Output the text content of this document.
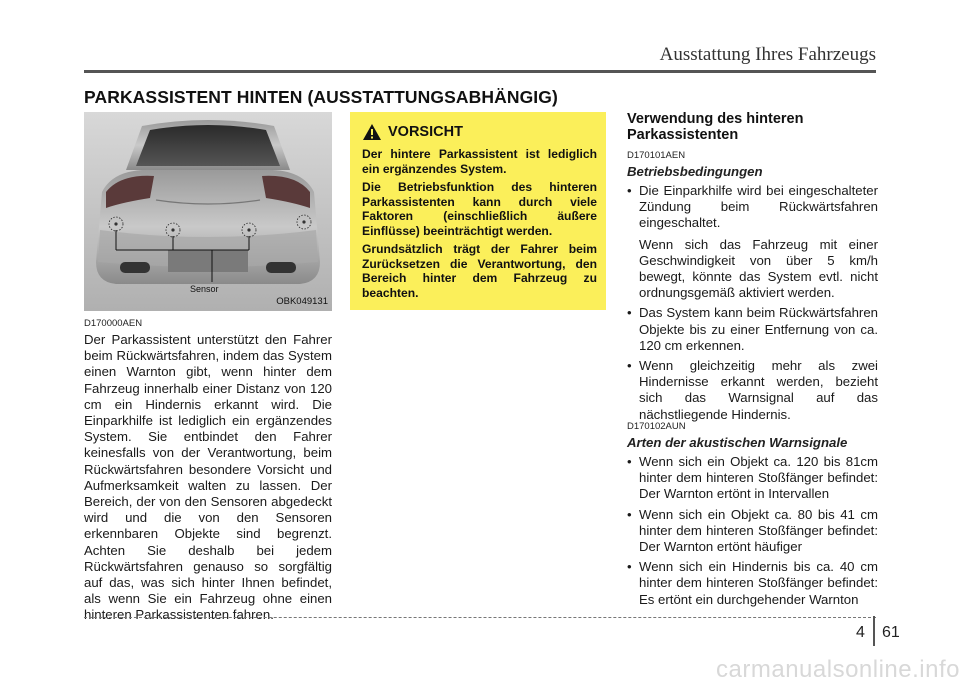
Ausstattung Ihres Fahrzeugs
PARKASSISTENT HINTEN (AUSSTATTUNGSABHÄNGIG)
Sensor
OBK049131
D170000AEN
Der Parkassistent unterstützt den Fahrer beim Rückwärtsfahren, indem das System einen Warnton gibt, wenn hinter dem Fahrzeug innerhalb einer Distanz von 120 cm ein Hindernis erkannt wird. Die Einparkhilfe ist lediglich ein ergänzendes System. Sie entbindet den Fahrer keinesfalls von der Verantwortung, beim Rückwärtsfahren besondere Vorsicht und Aufmerksamkeit walten zu lassen. Der Bereich, der von den Sensoren abgedeckt wird und die von den Sensoren erkennbaren Objekte sind begrenzt. Achten Sie deshalb bei jedem Rückwärtsfahren genauso so sorgfältig auf das, was sich hinter Ihnen befindet, als wenn Sie ein Fahrzeug ohne einen hinteren Parkassistenten fahren.
VORSICHT

Der hintere Parkassistent ist lediglich ein ergänzendes System.

Die Betriebsfunktion des hinteren Parkassistenten kann durch viele Faktoren (einschließlich äußere Einflüsse) beeinträchtigt werden.

Grundsätzlich trägt der Fahrer beim Zurücksetzen die Verantwortung, den Bereich hinter dem Fahrzeug zu beachten.

Verwendung des hinteren Parkassistenten
D170101AEN
Betriebsbedingungen
• Die Einparkhilfe wird bei eingeschalteter Zündung beim Rückwärtsfahren eingeschaltet.

Wenn sich das Fahrzeug mit einer Geschwindigkeit von über 5 km/h bewegt, könnte das System evtl. nicht ordnungsgemäß aktiviert werden.

• Das System kann beim Rückwärtsfahren Objekte bis zu einer Entfernung von ca. 120 cm erkennen.

• Wenn gleichzeitig mehr als zwei Hindernisse erkannt werden, bezieht sich das Warnsignal auf das nächstliegende Hindernis.

D170102AUN
Arten der akustischen Warnsignale
• Wenn sich ein Objekt ca. 120 bis 81cm hinter dem hinteren Stoßfänger befindet: Der Warnton ertönt in Intervallen

• Wenn sich ein Objekt ca. 80 bis 41 cm hinter dem hinteren Stoßfänger befindet: Der Warnton ertönt häufiger

• Wenn sich ein Hindernis bis ca. 40 cm hinter dem hinteren Stoßfänger befindet: Es ertönt ein durchgehender Warnton

4 61
carmanualsonline.info
